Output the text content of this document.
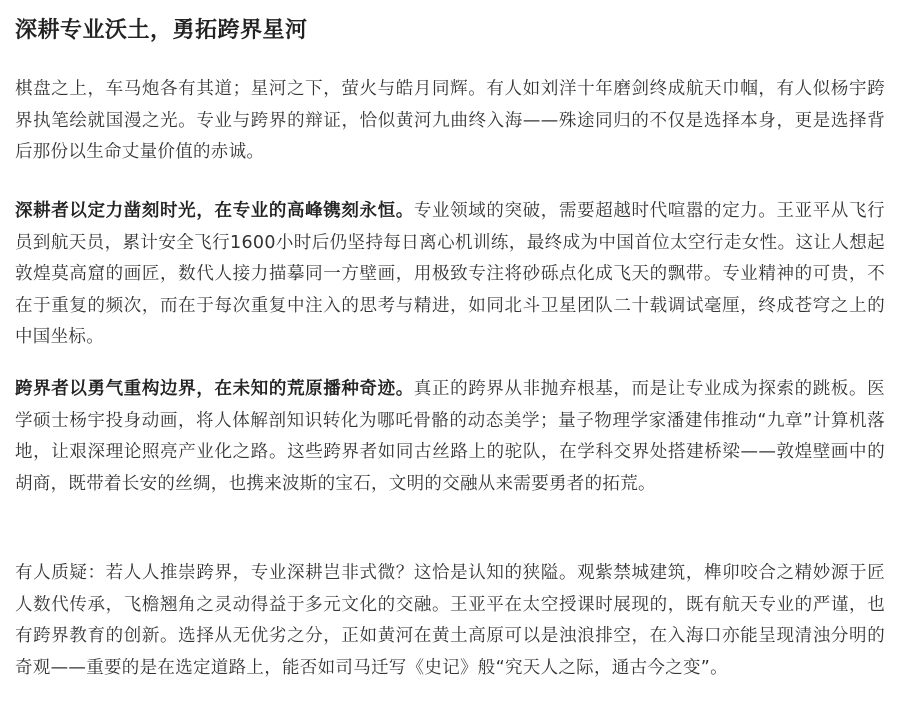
深耕专业沃土，勇拓跨界星河

棋盘之上，车马炮各有其道；星河之下，萤火与皓月同辉。有人如刘洋十年磨剑终成航天巾帼，有人似杨宇跨界执笔绘就国漫之光。专业与跨界的辩证，恰似黄河九曲终入海——殊途同归的不仅是选择本身，更是选择背后那份以生命丈量价值的赤诚。

深耕者以定力凿刻时光，在专业的高峰镌刻永恒。专业领域的突破，需要超越时代喧嚣的定力。王亚平从飞行员到航天员，累计安全飞行1600小时后仍坚持每日离心机训练，最终成为中国首位太空行走女性。这让人想起敦煌莫高窟的画匠，数代人接力描摹同一方壁画，用极致专注将砂砾点化成飞天的飘带。专业精神的可贵，不在于重复的频次，而在于每次重复中注入的思考与精进，如同北斗卫星团队二十载调试毫厘，终成苍穹之上的中国坐标。

跨界者以勇气重构边界，在未知的荒原播种奇迹。真正的跨界从非抛弃根基，而是让专业成为探索的跳板。医学硕士杨宇投身动画，将人体解剖知识转化为哪吒骨骼的动态美学；量子物理学家潘建伟推动“九章”计算机落地，让艰深理论照亮产业化之路。这些跨界者如同古丝路上的驼队，在学科交界处搭建桥梁——敦煌壁画中的胡商，既带着长安的丝绸，也携来波斯的宝石，文明的交融从来需要勇者的拓荒。

有人质疑：若人人推崇跨界，专业深耕岂非式微？这恰是认知的狭隘。观紫禁城建筑，榫卯咬合之精妙源于匠人数代传承，飞檐翘角之灵动得益于多元文化的交融。王亚平在太空授课时展现的，既有航天专业的严谨，也有跨界教育的创新。选择从无优劣之分，正如黄河在黄土高原可以是浊浪排空，在入海口亦能呈现清浊分明的奇观——重要的是在选定道路上，能否如司马迁写《史记》般“究天人之际，通古今之变”。
